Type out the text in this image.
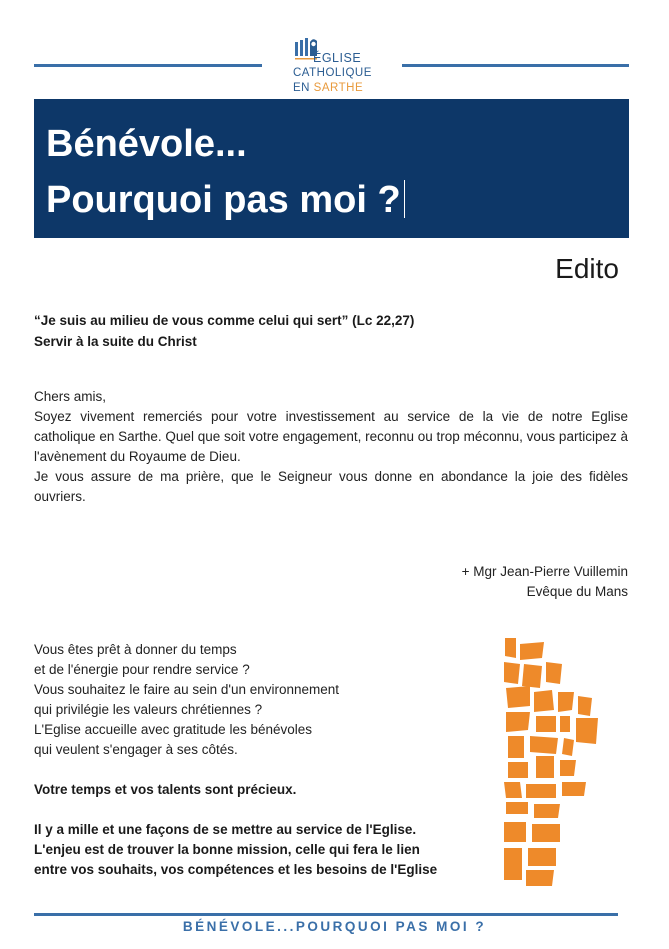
ÉGLISE
CATHOLIQUE
EN SARTHE
Bénévole...
Pourquoi pas moi ?
Edito
“Je suis au milieu de vous comme celui qui sert” (Lc 22,27)
Servir à la suite du Christ

Chers amis,

Soyez vivement remerciés pour votre investissement au service de la vie de notre Eglise catholique en Sarthe. Quel que soit votre engagement, reconnu ou trop méconnu, vous participez à l'avènement du Royaume de Dieu.

Je vous assure de ma prière, que le Seigneur vous donne en abondance la joie des fidèles ouvriers.

+ Mgr Jean-Pierre Vuillemin
Evêque du Mans

Vous êtes prêt à donner du temps

et de l'énergie pour rendre service ?

Vous souhaitez le faire au sein d'un environnement

qui privilégie les valeurs chrétiennes ?

L'Eglise accueille avec gratitude les bénévoles

qui veulent s'engager à ses côtés.

Votre temps et vos talents sont précieux.

Il y a mille et une façons de se mettre au service de l'Eglise.

L'enjeu est de trouver la bonne mission, celle qui fera le lien

entre vos souhaits, vos compétences et les besoins de l'Eglise

BÉNÉVOLE...POURQUOI PAS MOI ?
